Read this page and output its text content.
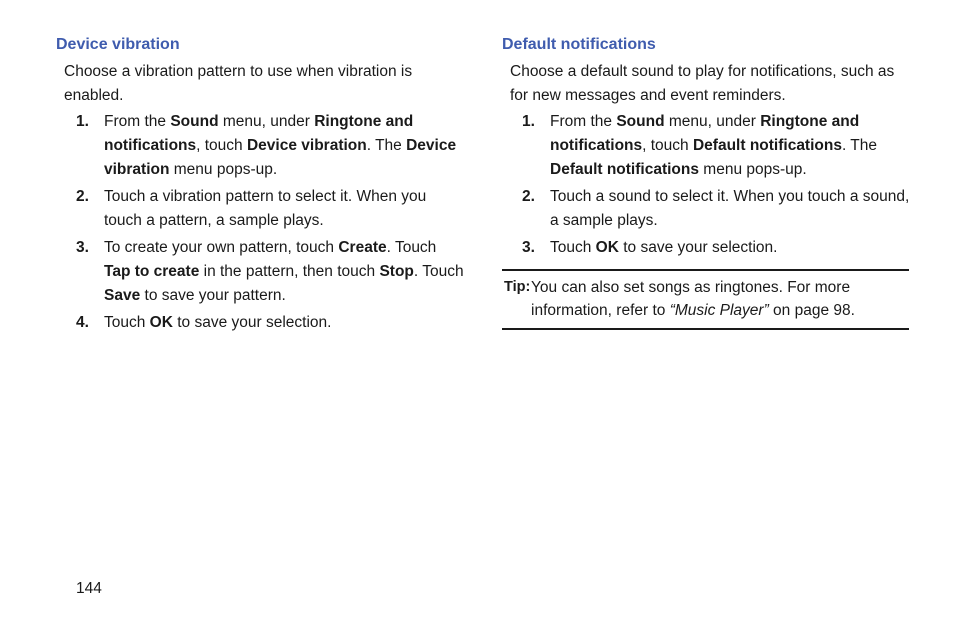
Device vibration
Choose a vibration pattern to use when vibration is enabled.
1. From the Sound menu, under Ringtone and notifications, touch Device vibration. The Device vibration menu pops-up.
2. Touch a vibration pattern to select it. When you touch a pattern, a sample plays.
3. To create your own pattern, touch Create. Touch Tap to create in the pattern, then touch Stop. Touch Save to save your pattern.
4. Touch OK to save your selection.
Default notifications
Choose a default sound to play for notifications, such as for new messages and event reminders.
1. From the Sound menu, under Ringtone and notifications, touch Default notifications. The Default notifications menu pops-up.
2. Touch a sound to select it. When you touch a sound, a sample plays.
3. Touch OK to save your selection.
Tip: You can also set songs as ringtones. For more information, refer to “Music Player” on page 98.
144
